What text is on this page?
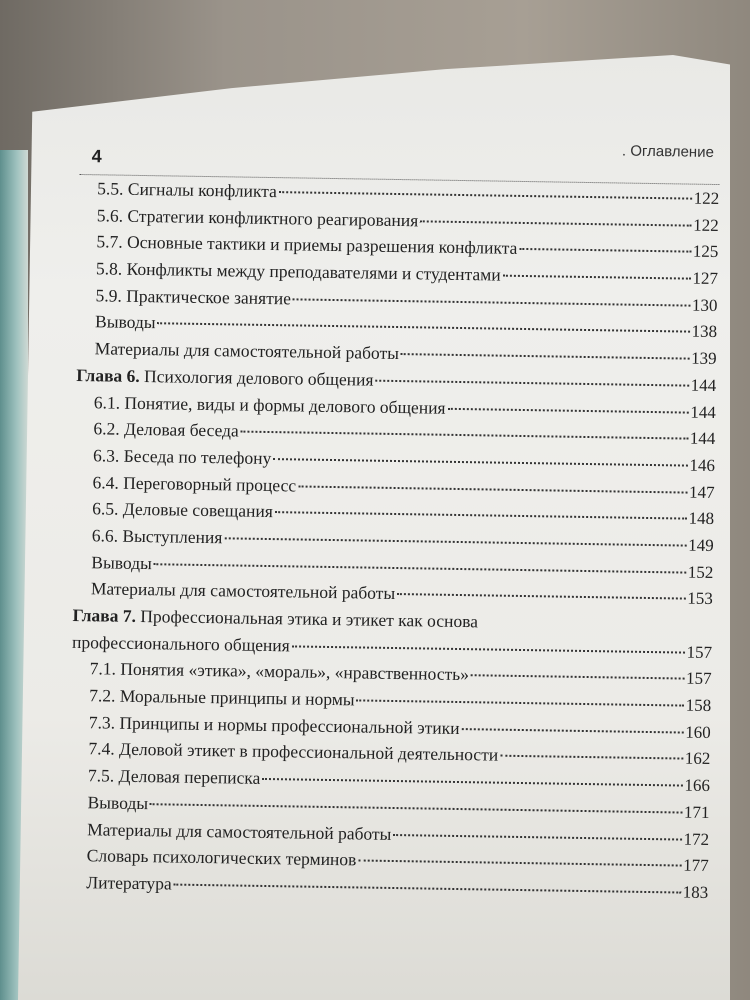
4	. Оглавление
5.5. Сигналы конфликта	122
5.6. Стратегии конфликтного реагирования	122
5.7. Основные тактики и приемы разрешения конфликта	125
5.8. Конфликты между преподавателями и студентами	127
5.9. Практическое занятие	130
Выводы	138
Материалы для самостоятельной работы	139
Глава 6. Психология делового общения	144
6.1. Понятие, виды и формы делового общения	144
6.2. Деловая беседа	144
6.3. Беседа по телефону	146
6.4. Переговорный процесс	147
6.5. Деловые совещания	148
6.6. Выступления	149
Выводы	152
Материалы для самостоятельной работы	153
Глава 7. Профессиональная этика и этикет как основа
профессионального общения	157
7.1. Понятия «этика», «мораль», «нравственность»	157
7.2. Моральные принципы и нормы	158
7.3. Принципы и нормы профессиональной этики	160
7.4. Деловой этикет в профессиональной деятельности	162
7.5. Деловая переписка	166
Выводы	171
Материалы для самостоятельной работы	172
Словарь психологических терминов	177
Литература	183
